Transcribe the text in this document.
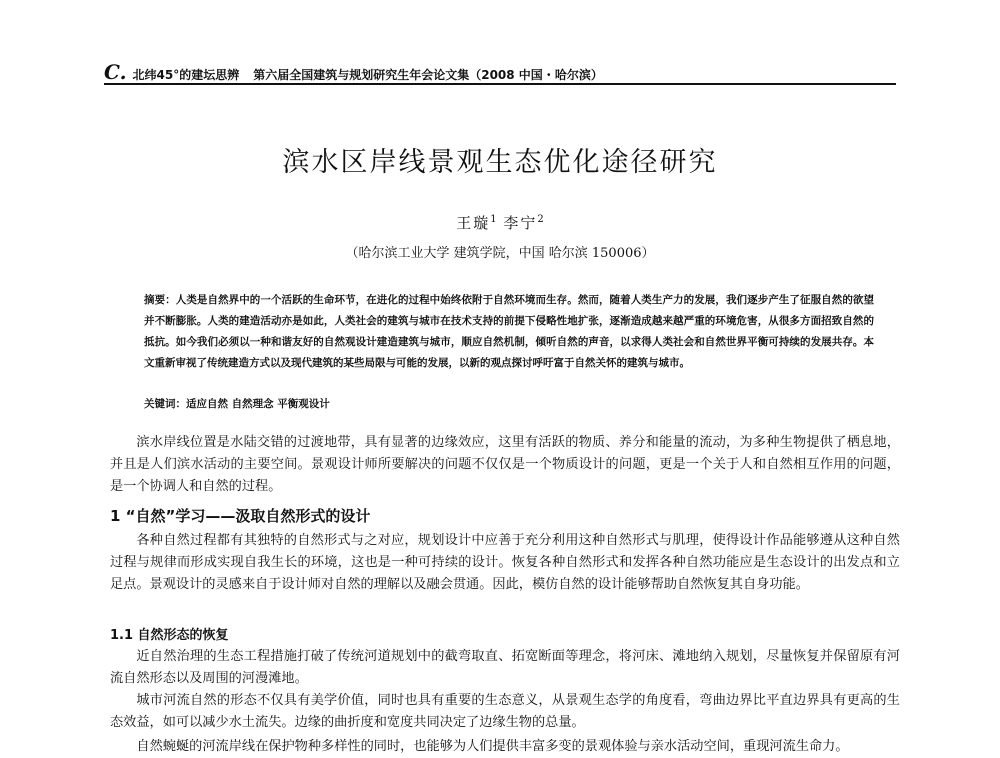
C. 北纬45°的建坛思辨 第六届全国建筑与规划研究生年会论文集（2008 中国・哈尔滨）
滨水区岸线景观生态优化途径研究
王璇$^1$ 李宁$^2$
（哈尔滨工业大学 建筑学院，中国 哈尔滨 150006）

摘要：人类是自然界中的一个活跃的生命环节，在进化的过程中始终依附于自然环境而生存。然而，随着人类生产力的发展，我们逐步产生了征服自然的欲望并不断膨胀。人类的建造活动亦是如此，人类社会的建筑与城市在技术支持的前提下侵略性地扩张，逐渐造成越来越严重的环境危害，从很多方面招致自然的抵抗。如今我们必须以一种和谐友好的自然观设计建造建筑与城市，顺应自然机制，倾听自然的声音，以求得人类社会和自然世界平衡可持续的发展共存。本文重新审视了传统建造方式以及现代建筑的某些局限与可能的发展，以新的观点探讨呼吁富于自然关怀的建筑与城市。

关键词：适应自然 自然理念 平衡观设计

滨水岸线位置是水陆交错的过渡地带，具有显著的边缘效应，这里有活跃的物质、养分和能量的流动，为多种生物提供了栖息地，并且是人们滨水活动的主要空间。景观设计师所要解决的问题不仅仅是一个物质设计的问题，更是一个关于人和自然相互作用的问题，是一个协调人和自然的过程。

1 “自然”学习——汲取自然形式的设计

各种自然过程都有其独特的自然形式与之对应，规划设计中应善于充分利用这种自然形式与肌理，使得设计作品能够遵从这种自然过程与规律而形成实现自我生长的环境，这也是一种可持续的设计。恢复各种自然形式和发挥各种自然功能应是生态设计的出发点和立足点。景观设计的灵感来自于设计师对自然的理解以及融会贯通。因此，模仿自然的设计能够帮助自然恢复其自身功能。

1.1 自然形态的恢复

近自然治理的生态工程措施打破了传统河道规划中的截弯取直、拓宽断面等理念，将河床、滩地纳入规划，尽量恢复并保留原有河流自然形态以及周围的河漫滩地。

城市河流自然的形态不仅具有美学价值，同时也具有重要的生态意义，从景观生态学的角度看，弯曲边界比平直边界具有更高的生态效益，如可以减少水土流失。边缘的曲折度和宽度共同决定了边缘生物的总量。

自然蜿蜒的河流岸线在保护物种多样性的同时，也能够为人们提供丰富多变的景观体验与亲水活动空间，重现河流生命力。
